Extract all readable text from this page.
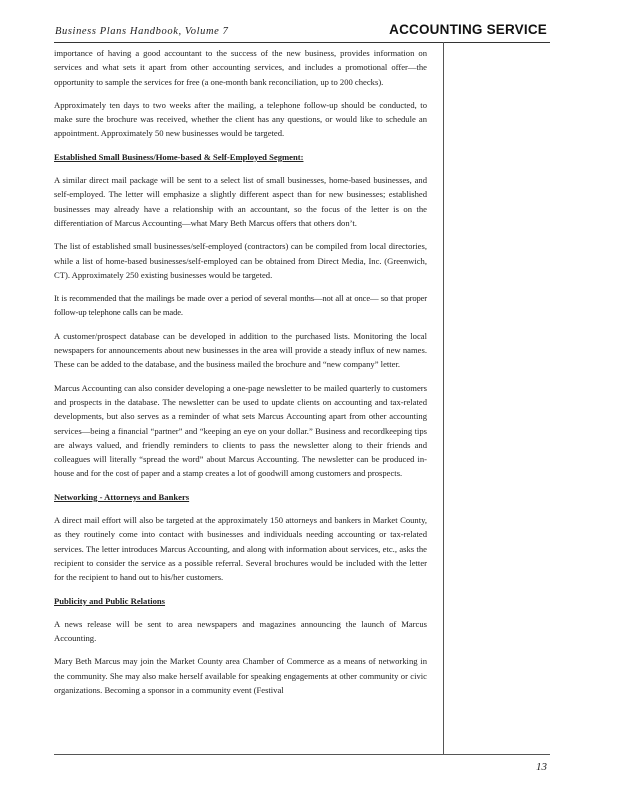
Business Plans Handbook, Volume 7	ACCOUNTING SERVICE

importance of having a good accountant to the success of the new business, provides information on services and what sets it apart from other accounting services, and includes a promotional offer—the opportunity to sample the services for free (a one-month bank reconciliation, up to 200 checks).

Approximately ten days to two weeks after the mailing, a telephone follow-up should be conducted, to make sure the brochure was received, whether the client has any questions, or would like to schedule an appointment. Approximately 50 new businesses would be targeted.

Established Small Business/Home-based & Self-Employed Segment:

A similar direct mail package will be sent to a select list of small businesses, home-based businesses, and self-employed. The letter will emphasize a slightly different aspect than for new businesses; established businesses may already have a relationship with an accountant, so the focus of the letter is on the differentiation of Marcus Accounting—what Mary Beth Marcus offers that others don’t.

The list of established small businesses/self-employed (contractors) can be compiled from local directories, while a list of home-based businesses/self-employed can be obtained from Direct Media, Inc. (Greenwich, CT). Approximately 250 existing businesses would be targeted.

It is recommended that the mailings be made over a period of several months—not all at once— so that proper follow-up telephone calls can be made.

A customer/prospect database can be developed in addition to the purchased lists. Monitoring the local newspapers for announcements about new businesses in the area will provide a steady influx of new names. These can be added to the database, and the business mailed the brochure and “new company” letter.

Marcus Accounting can also consider developing a one-page newsletter to be mailed quarterly to customers and prospects in the database. The newsletter can be used to update clients on accounting and tax-related developments, but also serves as a reminder of what sets Marcus Accounting apart from other accounting services—being a financial “partner” and “keeping an eye on your dollar.” Business and recordkeeping tips are always valued, and friendly reminders to clients to pass the newsletter along to their friends and colleagues will literally “spread the word” about Marcus Accounting. The newsletter can be produced in-house and for the cost of paper and a stamp creates a lot of goodwill among customers and prospects.

Networking - Attorneys and Bankers

A direct mail effort will also be targeted at the approximately 150 attorneys and bankers in Market County, as they routinely come into contact with businesses and individuals needing accounting or tax-related services. The letter introduces Marcus Accounting, and along with information about services, etc., asks the recipient to consider the service as a possible referral. Several brochures would be included with the letter for the recipient to hand out to his/her customers.

Publicity and Public Relations

A news release will be sent to area newspapers and magazines announcing the launch of Marcus Accounting.

Mary Beth Marcus may join the Market County area Chamber of Commerce as a means of networking in the community. She may also make herself available for speaking engagements at other community or civic organizations. Becoming a sponsor in a community event (Festival

13
